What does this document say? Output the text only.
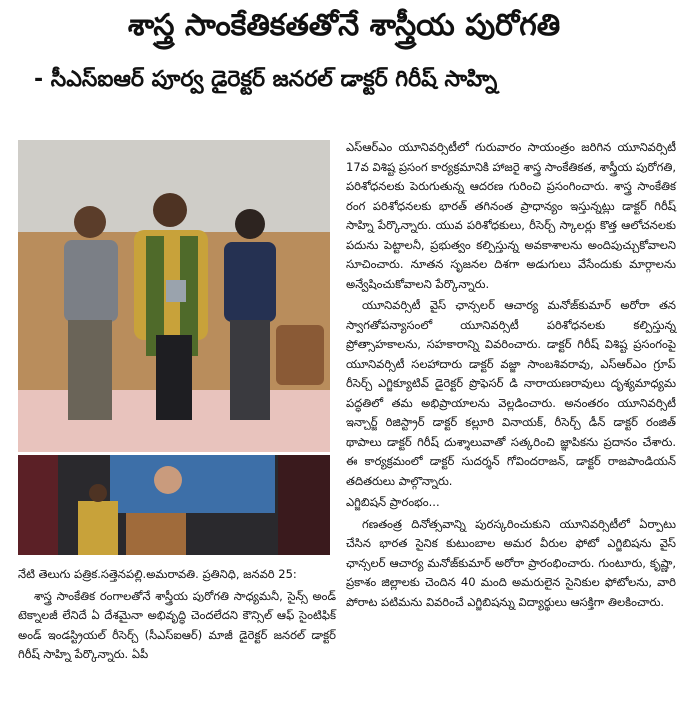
శాస్త్ర సాంకేతికతతోనే శాస్త్రీయ పురోగతి
- సీఎస్ఐఆర్ పూర్వ డైరెక్టర్ జనరల్ డాక్టర్ గిరీష్ సాహ్ని

నేటి తెలుగు పత్రిక.సత్తెనపల్లి.అమరావతి. ప్రతినిధి, జనవరి 25:

శాస్త్ర సాంకేతిక రంగాలతోనే శాస్త్రీయ పురోగతి సాధ్యమనీ, సైన్స్ అండ్ టెక్నాలజీ లేనిదే ఏ దేశమైనా అభివృద్ధి చెందలేదని కౌన్సిల్ ఆఫ్ సైంటిఫిక్ అండ్ ఇండస్ట్రియల్ రీసెర్చ్ (సీఎస్ఐఆర్) మాజీ డైరెక్టర్ జనరల్ డాక్టర్ గిరీష్ సాహ్ని పేర్కొన్నారు. ఏపీ

ఎస్ఆర్ఎం యూనివర్సిటీలో గురువారం సాయంత్రం జరిగిన యూనివర్సిటీ 17వ విశిష్ట ప్రసంగ కార్యక్రమానికి హాజరై శాస్త్ర సాంకేతికత, శాస్త్రీయ పురోగతి, పరిశోధనలకు పెరుగుతున్న ఆదరణ గురించి ప్రసంగించారు. శాస్త్ర సాంకేతిక రంగ పరిశోధనలకు భారత్ తగినంత ప్రాధాన్యం ఇస్తున్నట్లు డాక్టర్ గిరీష్ సాహ్ని పేర్కొన్నారు. యువ పరిశోధకులు, రీసెర్చ్ స్కాలర్లు కొత్త ఆలోచనలకు పదును పెట్టాలనీ, ప్రభుత్వం కల్పిస్తున్న అవకాశాలను అందిపుచ్చుకోవాలని సూచించారు. నూతన సృజనల దిశగా అడుగులు వేసేందుకు మార్గాలను అన్వేషించుకోవాలని పేర్కొన్నారు.

యూనివర్సిటీ వైస్ ఛాన్సలర్ ఆచార్య మనోజ్‌కుమార్ అరోరా తన స్వాగతోపన్యాసంలో యూనివర్సిటీ పరిశోధనలకు కల్పిస్తున్న ప్రోత్సాహకాలను, సహకారాన్ని వివరించారు. డాక్టర్ గిరీష్ విశిష్ట ప్రసంగంపై యూనివర్సిటీ సలహాదారు డాక్టర్ వజ్జా సాంబశివరావు, ఎస్ఆర్ఎం గ్రూప్ రీసెర్చ్ ఎగ్జిక్యూటివ్ డైరెక్టర్ ప్రొఫెసర్ డి నారాయణరావులు దృశ్యమాధ్యమ పద్ధతిలో తమ అభిప్రాయాలను వెల్లడించారు. అనంతరం యూనివర్సిటీ ఇన్చార్జ్ రిజిస్ట్రార్ డాక్టర్ కల్లూరి వినాయక్, రీసెర్చ్ డీన్ డాక్టర్ రంజిత్ థాపాలు డాక్టర్ గిరీష్ దుశ్శాలువాతో సత్కరించి జ్ఞాపికను ప్రదానం చేశారు. ఈ కార్యక్రమంలో డాక్టర్ సుదర్శన్ గోవిందరాజన్, డాక్టర్ రాజపాండియన్ తదితరులు పాల్గొన్నారు.

ఎగ్జిబిషన్ ప్రారంభం...

గణతంత్ర దినోత్సవాన్ని పురస్కరించుకుని యూనివర్సిటీలో ఏర్పాటు చేసిన భారత సైనిక కుటుంబాల అమర వీరుల ఫోటో ఎగ్జిబిషను వైస్ ఛాన్సలర్ ఆచార్య మనోజ్‌కుమార్ అరోరా ప్రారంభించారు. గుంటూరు, కృష్ణా, ప్రకాశం జిల్లాలకు చెందిన 40 మంది అమరులైన సైనికుల ఫోటోలను, వారి పోరాట పటిమను వివరించే ఎగ్జిబిషన్ను విద్యార్థులు ఆసక్తిగా తిలకించారు.
